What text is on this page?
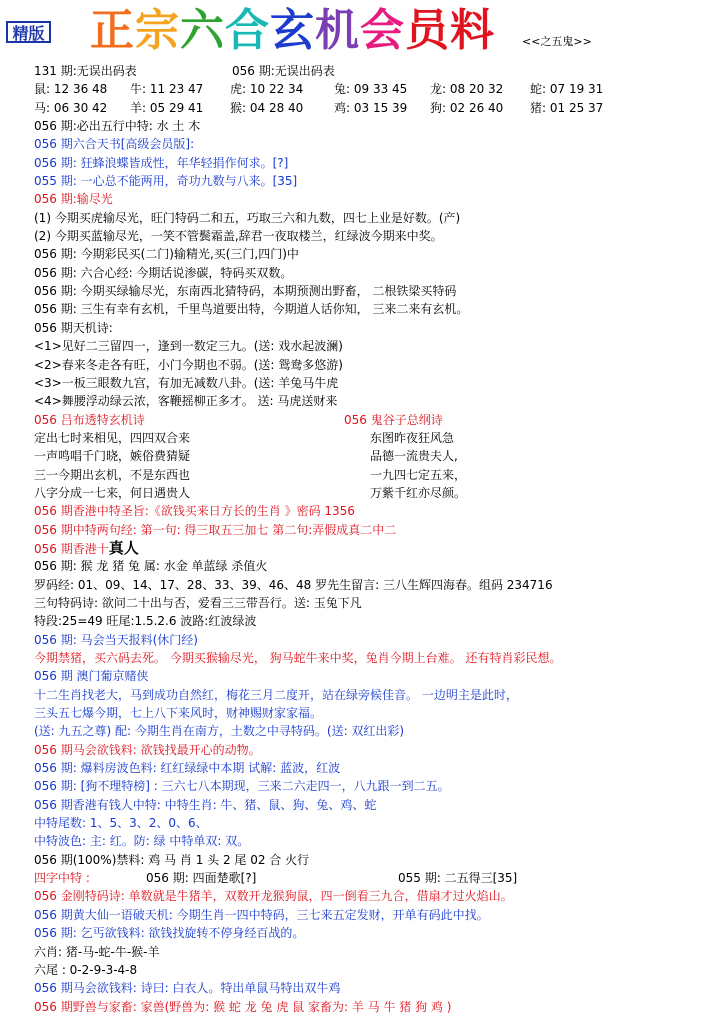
精版 正宗六合玄机会员料	<<之五鬼>>
131 期:无误出码表	056 期:无误出码表
鼠: 12 36 48 牛: 11 23 47 虎: 10 22 34	兔: 09 33 45 龙: 08 20 32 蛇: 07 19 31
马: 06 30 42 羊: 05 29 41 猴: 04 28 40	鸡: 03 15 39 狗: 02 26 40 猪: 01 25 37
056 期:必出五行中特: 水 土 木
056 期六合天书[高级会员版]:
056 期: 狂蜂浪蝶皆成性，年华轻捐作何求。[?]
055 期: 一心总不能两用，奇功九数与八来。[35]
056 期:输尽光
(1) 今期买虎输尽光，旺门特码二和五，巧取三六和九数，四七上业是好数。(产)
(2) 今期买蓝输尽光，一笑不管鬓霜盖,辞君一夜取楼兰，红绿波今期来中奖。
056 期: 今期彩民买(二门)输精光,买(三门,四门)中
056 期: 六合心经: 今期话说渗碳，特码买双数。
056 期: 今期买绿输尽光，东南西北猜特码，本期预测出野畜， 二根铁梁买特码
056 期: 三生有幸有玄机，千里鸟道要出特，今期道人话你知， 三来二来有玄机。
056 期天机诗:
<1>见好二三留四一，逢到一数定三九。(送: 戏水起波澜)
<2>春来冬走各有旺，小门今期也不弱。(送: 鸳鸯多悠游)
<3>一板三眼数九宫，有加无减数八卦。(送: 羊兔马牛虎
<4>舞腰浮动绿云浓，客鞭摇柳正多才。 送: 马虎送财来
056 吕布透特玄机诗	056 鬼谷子总纲诗
定出七时来相见，四四双合来	东图昨夜狂风急
一声鸣唱千门晓，嫉俗费猜疑	品德一流贵夫人,
三一今期出玄机，不是东西也	一九四七定五来，
八字分成一七来，何日遇贵人	万紫千红亦尽颜。
056 期香港中特圣旨:《欲钱买来日方长的生肖 》密码 1356
056 期中特两句经: 第一句: 得三取五三加七 第二句:弄假成真二中二
056 期香港十真人
056 期: 猴 龙 猪 兔 属: 水金 单蓝绿 杀值火
罗码经: 01、09、14、17、28、33、39、46、48 罗先生留言: 三八生辉四海春。组码 234716
三句特码诗: 欲问二十出与否，爱看三三带吾行。送: 玉兔下凡
特段:25=49 旺尾:1.5.2.6 波路:红波绿波
056 期: 马会当天报料(休门经)
今期禁猪，买六码去死。 今期买猴输尽光， 狗马蛇牛来中奖，兔肖今期上台难。 还有特肖彩民想。
056 期 澳门葡京赌侠
十二生肖找老大，马到成功自然红，梅花三月二度开，站在绿旁候佳音。 一边明主是此时，
三头五七爆今期，七上八下来风时，财神赐财家家福。
(送: 九五之尊) 配: 今期生肖在南方，土数之中寻特码。(送: 双红出彩)
056 期马会欲钱料: 欲钱找最开心的动物。
056 期: 爆料房波色料: 红红绿绿中本期 试解: 蓝波，红波
056 期: [狗不理特榜] : 三六七八本期现，三来二六走四一，八九跟一到二五。
056 期香港有钱人中特: 中特生肖: 牛、猪、鼠、狗、兔、鸡、蛇
中特尾数: 1、5、3、2、0、6、
中特波色: 主: 红。防: 绿 中特单双: 双。
056 期(100%)禁料: 鸡 马 肖 1 头 2 尾 02 合 火行
四字中特 :	056 期: 四面楚歌[?]	055 期: 二五得三[35]
056 金刚特码诗: 单数就是牛猪羊，双数开龙猴狗鼠，四一倒看三九合，借扇才过火焰山。
056 期黄大仙一语破天机: 今期生肖一四中特码，三七来五定发财，开单有码此中找。
056 期: 乞丐欲钱料: 欲钱找旋转不停身经百战的。
六肖: 猪-马-蛇-牛-猴-羊
六尾 : 0-2-9-3-4-8
056 期马会欲钱料: 诗曰: 白衣人。特出单鼠马特出双牛鸡
056 期野兽与家畜: 家兽(野兽为: 猴 蛇 龙 兔 虎 鼠 家畜为: 羊 马 牛 猪 狗 鸡 )
